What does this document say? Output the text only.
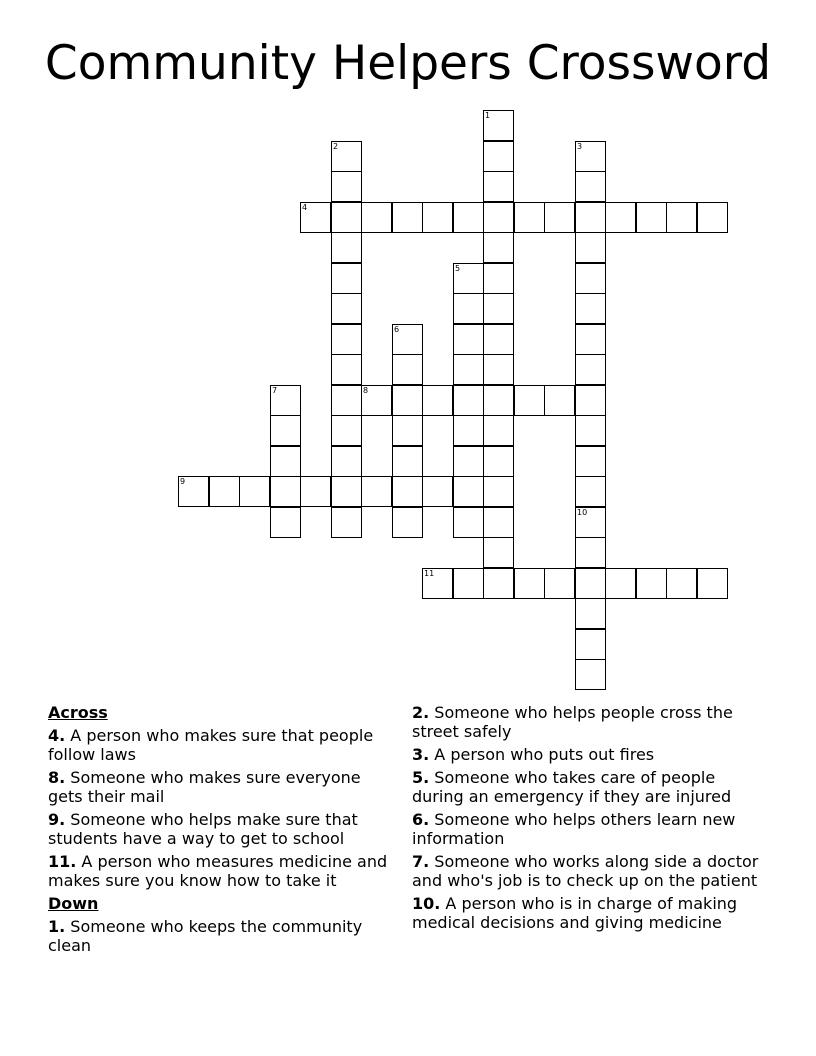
Community Helpers Crossword
1
2	3
4
5
6
7	8
9
10
11
Across
4. A person who makes sure that people follow laws
8. Someone who makes sure everyone gets their mail
9. Someone who helps make sure that students have a way to get to school
11. A person who measures medicine and makes sure you know how to take it
Down
1. Someone who keeps the community clean
2. Someone who helps people cross the street safely
3. A person who puts out fires
5. Someone who takes care of people during an emergency if they are injured
6. Someone who helps others learn new information
7. Someone who works along side a doctor and who's job is to check up on the patient
10. A person who is in charge of making medical decisions and giving medicine
